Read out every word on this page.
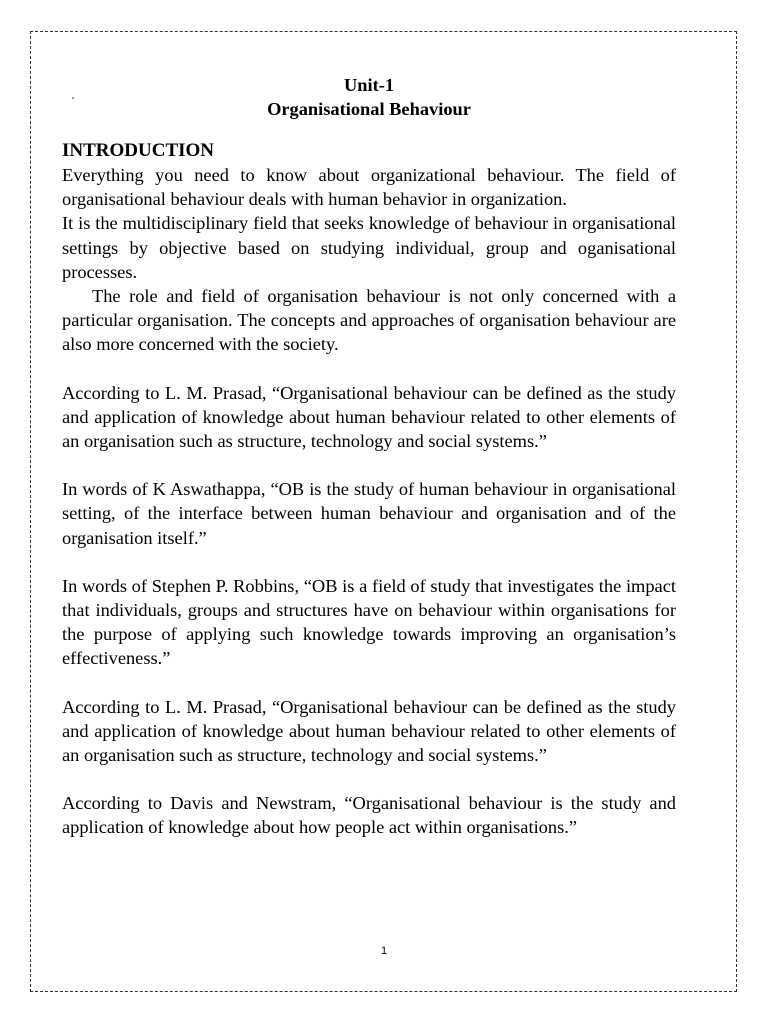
Unit-1
Organisational Behaviour
INTRODUCTION

Everything you need to know about organizational behaviour. The field of organisational behaviour deals with human behavior in organization.

It is the multidisciplinary field that seeks knowledge of behaviour in organisational settings by objective based on studying individual, group and oganisational processes.

The role and field of organisation behaviour is not only concerned with a particular organisation. The concepts and approaches of organisation behaviour are also more concerned with the society.

According to L. M. Prasad, “Organisational behaviour can be defined as the study and application of knowledge about human behaviour related to other elements of an organisation such as structure, technology and social systems.”

In words of K Aswathappa, “OB is the study of human behaviour in organisational setting, of the interface between human behaviour and organisation and of the organisation itself.”

In words of Stephen P. Robbins, “OB is a field of study that investigates the impact that individuals, groups and structures have on behaviour within organisations for the purpose of applying such knowledge towards improving an organisation’s effectiveness.”

According to L. M. Prasad, “Organisational behaviour can be defined as the study and application of knowledge about human behaviour related to other elements of an organisation such as structure, technology and social systems.”

According to Davis and Newstram, “Organisational behaviour is the study and application of knowledge about how people act within organisations.”

1
